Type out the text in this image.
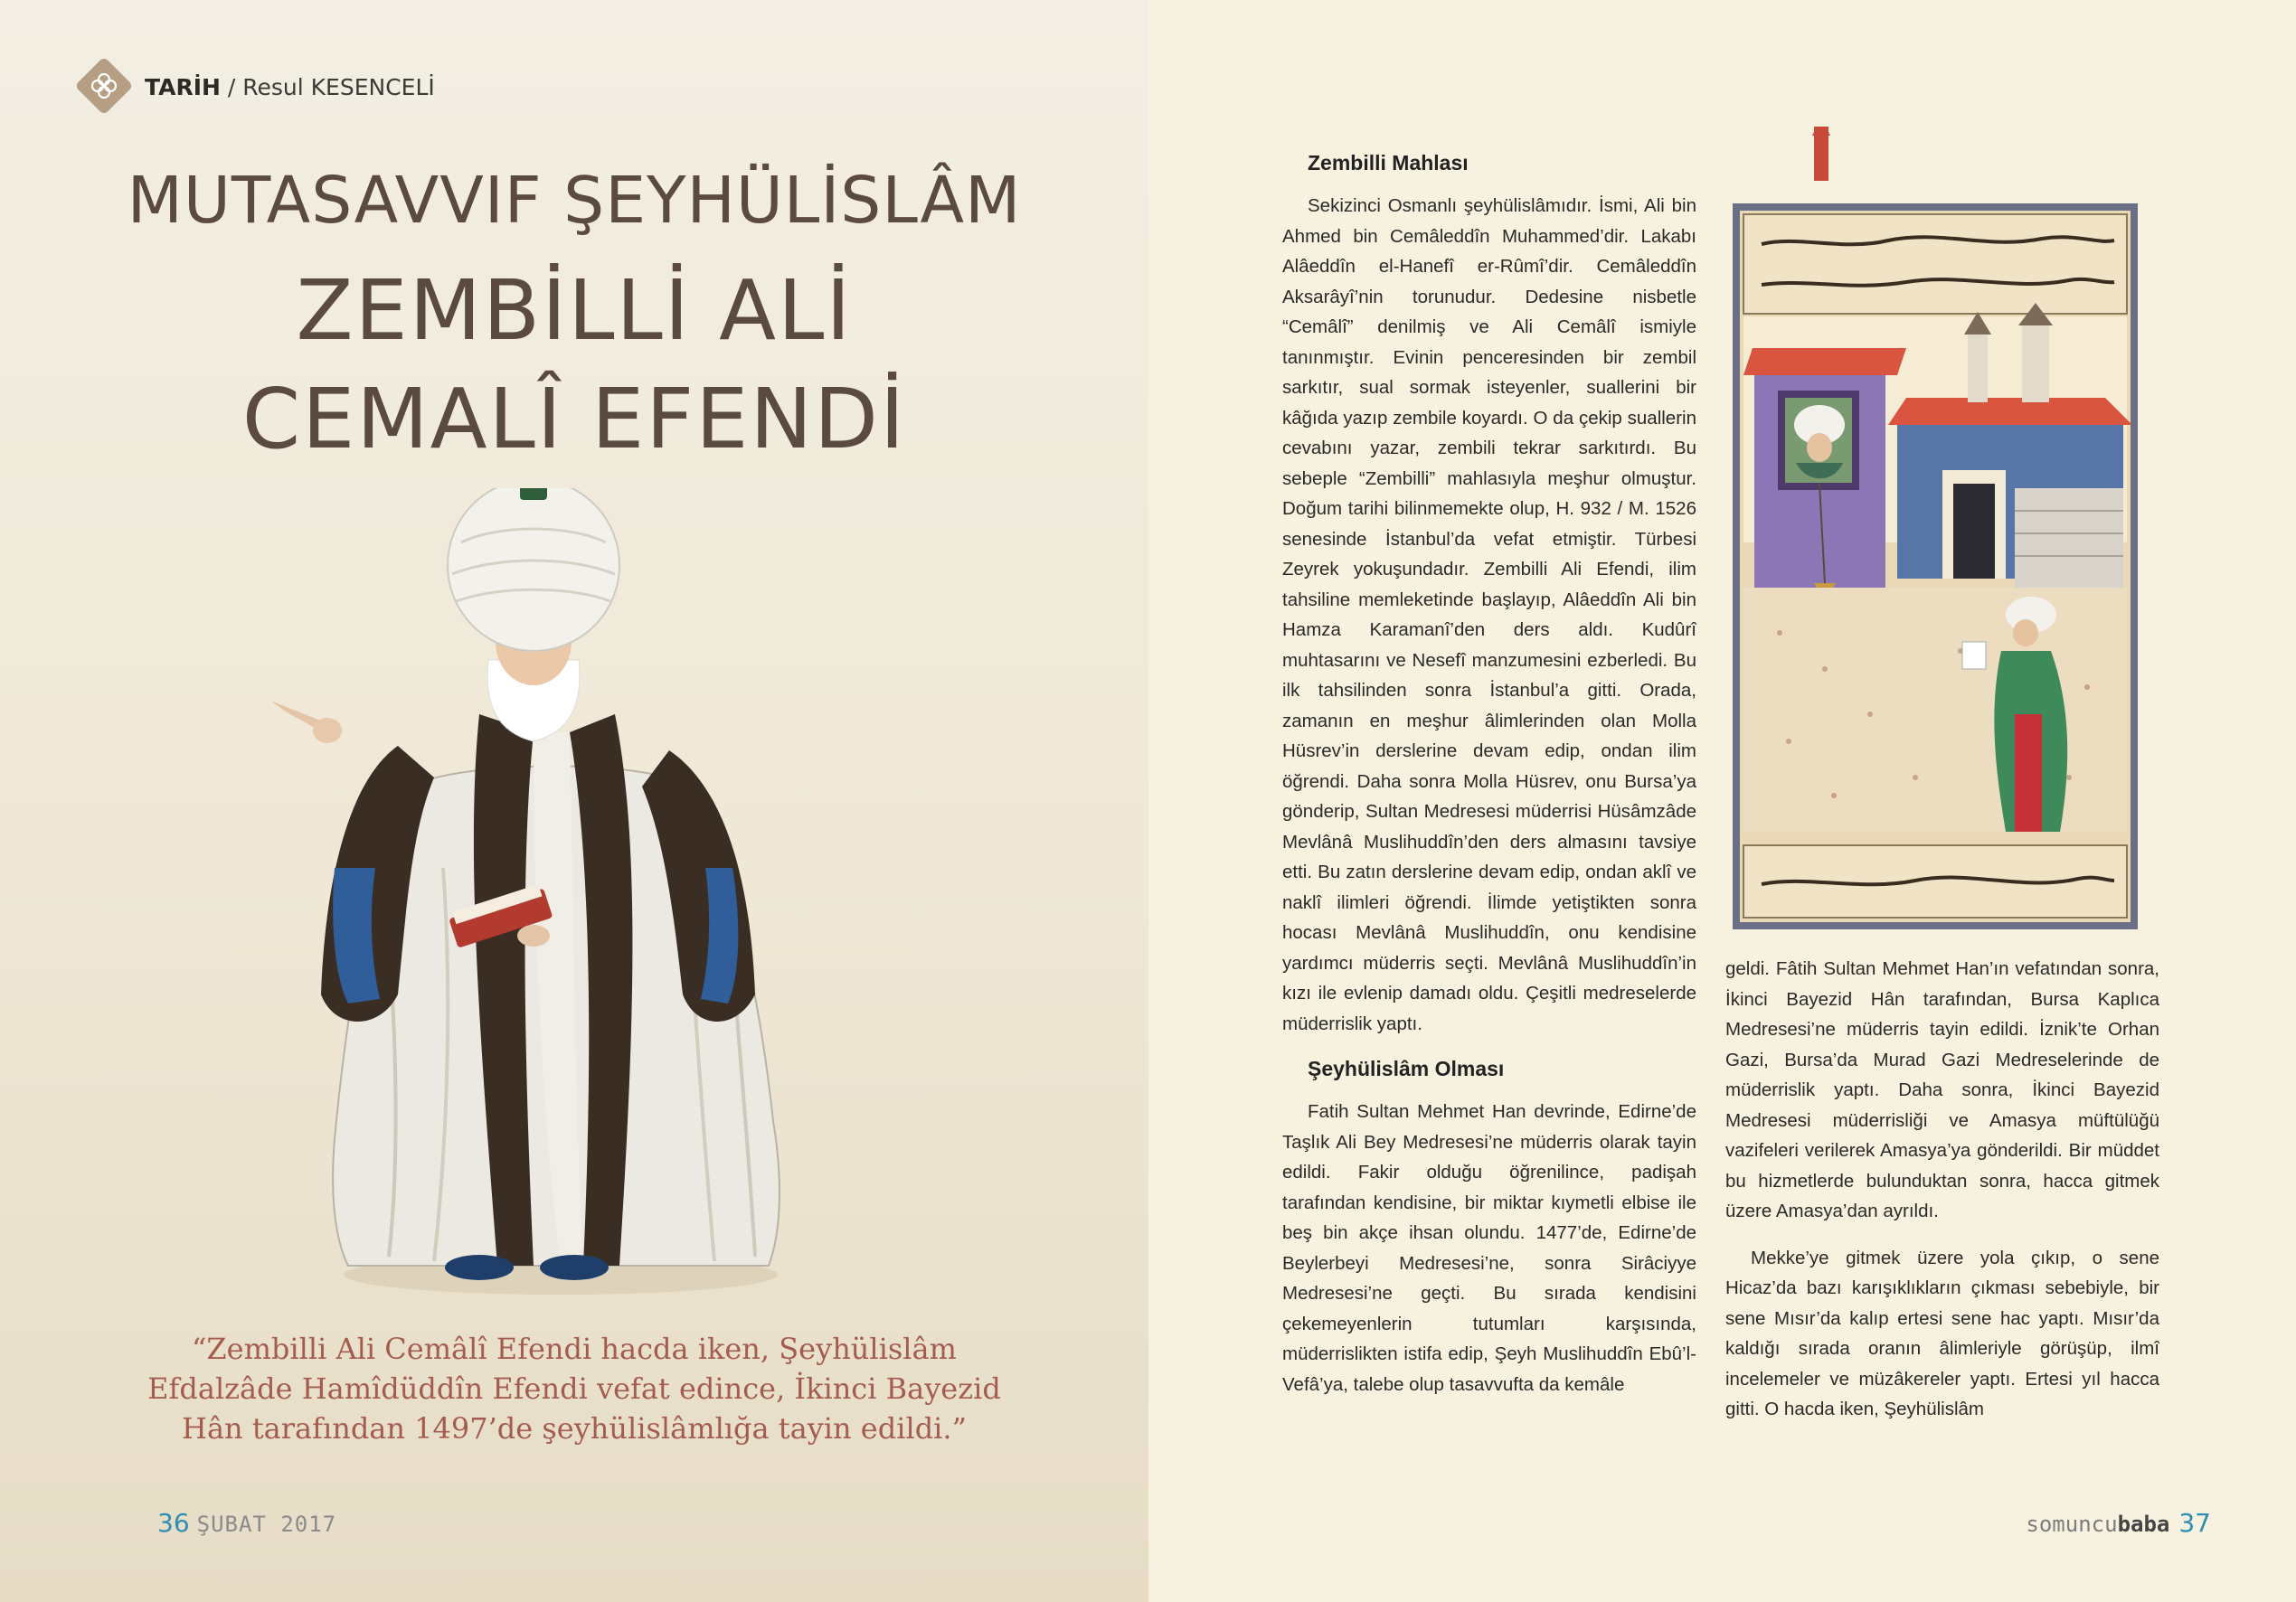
TARİH / Resul KESENCELİ
MUTASAVVIF ŞEYHÜLİSLÂM
ZEMBİLLİ ALİ
CEMALÎ EFENDİ
“Zembilli Ali Cemâlî Efendi hacda iken, Şeyhülislâm Efdalzâde Hamîdüddîn Efendi vefat edince, İkinci Bayezid Hân tarafından 1497’de şeyhülislâmlığa tayin edildi.”
36 ŞUBAT 2017
Zembilli Mahlası

Sekizinci Osmanlı şeyhülislâmıdır. İsmi, Ali bin Ahmed bin Cemâleddîn Muhammed’dir. Lakabı Alâeddîn el-Hanefî er-Rûmî’dir. Cemâleddîn Aksarâyî’nin torunudur. Dedesine nisbetle “Cemâlî” denilmiş ve Ali Cemâlî ismiyle tanınmıştır. Evinin penceresinden bir zembil sarkıtır, sual sormak isteyenler, suallerini bir kâğıda yazıp zembile koyardı. O da çekip suallerin cevabını yazar, zembili tekrar sarkıtırdı. Bu sebeple “Zembilli” mahlasıyla meşhur olmuştur. Doğum tarihi bilinmemekte olup, H. 932 / M. 1526 senesinde İstanbul’da vefat etmiştir. Türbesi Zeyrek yokuşundadır. Zembilli Ali Efendi, ilim tahsiline memleketinde başlayıp, Alâeddîn Ali bin Hamza Karamanî’den ders aldı. Kudûrî muhtasarını ve Nesefî manzumesini ezberledi. Bu ilk tahsilinden sonra İstanbul’a gitti. Orada, zamanın en meşhur âlimlerinden olan Molla Hüsrev’in derslerine devam edip, ondan ilim öğrendi. Daha sonra Molla Hüsrev, onu Bursa’ya gönderip, Sultan Medresesi müderrisi Hüsâmzâde Mevlânâ Muslihuddîn’den ders almasını tavsiye etti. Bu zatın derslerine devam edip, ondan aklî ve naklî ilimleri öğrendi. İlimde yetiştikten sonra hocası Mevlânâ Muslihuddîn, onu kendisine yardımcı müderris seçti. Mevlânâ Muslihuddîn’in kızı ile evlenip damadı oldu. Çeşitli medreselerde müderrislik yaptı.

Şeyhülislâm Olması

Fatih Sultan Mehmet Han devrinde, Edirne’de Taşlık Ali Bey Medresesi’ne müderris olarak tayin edildi. Fakir olduğu öğrenilince, padişah tarafından kendisine, bir miktar kıymetli elbise ile beş bin akçe ihsan olundu. 1477’de, Edirne’de Beylerbeyi Medresesi’ne, sonra Sirâciyye Medresesi’ne geçti. Bu sırada kendisini çekemeyenlerin tutumları karşısında, müderrislikten istifa edip, Şeyh Muslihuddîn Ebû’l-Vefâ’ya, talebe olup tasavvufta da kemâle

geldi. Fâtih Sultan Mehmet Han’ın vefatından sonra, İkinci Bayezid Hân tarafından, Bursa Kaplıca Medresesi’ne müderris tayin edildi. İznik’te Orhan Gazi, Bursa’da Murad Gazi Medreselerinde de müderrislik yaptı. Daha sonra, İkinci Bayezid Medresesi müderrisliği ve Amasya müftülüğü vazifeleri verilerek Amasya’ya gönderildi. Bir müddet bu hizmetlerde bulunduktan sonra, hacca gitmek üzere Amasya’dan ayrıldı.

Mekke’ye gitmek üzere yola çıkıp, o sene Hicaz’da bazı karışıklıkların çıkması sebebiyle, bir sene Mısır’da kalıp ertesi sene hac yaptı. Mısır’da kaldığı sırada oranın âlimleriyle görüşüp, ilmî incelemeler ve müzâkereler yaptı. Ertesi yıl hacca gitti. O hacda iken, Şeyhülislâm

somuncubaba 37
